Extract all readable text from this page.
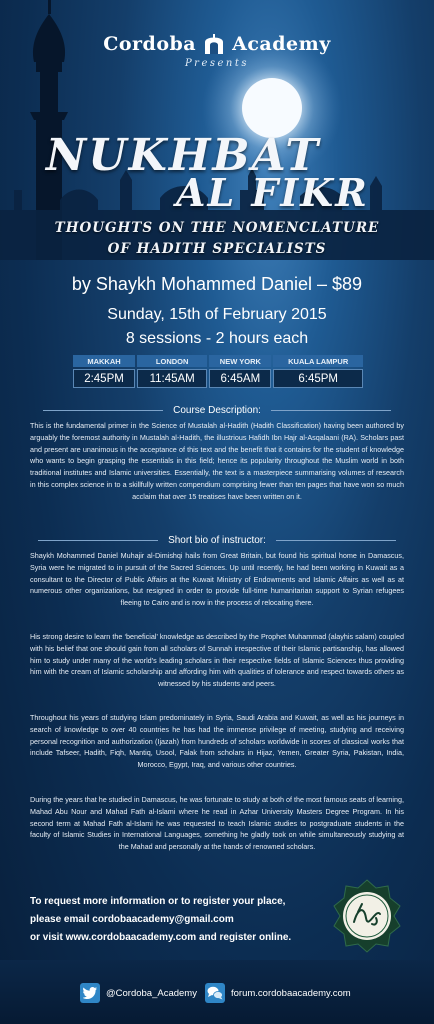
Cordoba Academy
Presents
NUKHBAT
AL FIKR
THOUGHTS ON THE NOMENCLATURE
OF HADITH SPECIALISTS
by Shaykh Mohammed Daniel – $89
Sunday, 15th of February 2015
8 sessions - 2 hours each
MAKKAH	LONDON	NEW YORK	KUALA LAMPUR
2:45PM	11:45AM	6:45AM	6:45PM
Course Description:

This is the fundamental primer in the Science of Mustalah al-Hadith (Hadith Classification) having been authored by arguably the foremost authority in Mustalah al-Hadith, the illustrious Hafidh Ibn Hajr al-Asqalaani (RA). Scholars past and present are unanimous in the acceptance of this text and the benefit that it contains for the student of knowledge who wants to begin grasping the essentials in this field; hence its popularity throughout the Muslim world in both traditional institutes and Islamic universities. Essentially, the text is a masterpiece summarising volumes of research in this complex science in to a skillfully written compendium comprising fewer than ten pages that have won so much acclaim that over 15 treatises have been written on it.

Short bio of instructor:

Shaykh Mohammed Daniel Muhajir al-Dimishqi hails from Great Britain, but found his spiritual home in Damascus, Syria were he migrated to in pursuit of the Sacred Sciences. Up until recently, he had been working in Kuwait as a consultant to the Director of Public Affairs at the Kuwait Ministry of Endowments and Islamic Affairs as well as at numerous other organizations, but resigned in order to provide full-time humanitarian support to Syrian refugees fleeing to Cairo and is now in the process of relocating there.

His strong desire to learn the ‘beneficial’ knowledge as described by the Prophet Muhammad (alayhis salam) coupled with his belief that one should gain from all scholars of Sunnah irrespective of their Islamic partisanship, has allowed him to study under many of the world’s leading scholars in their respective fields of Islamic Sciences thus providing him with the cream of Islamic scholarship and affording him with qualities of tolerance and respect towards others as witnessed by his students and peers.

Throughout his years of studying Islam predominately in Syria, Saudi Arabia and Kuwait, as well as his journeys in search of knowledge to over 40 countries he has had the immense privilege of meeting, studying and receiving personal recognition and authorization (Ijazah) from hundreds of scholars worldwide in scores of classical works that include Tafseer, Hadith, Fiqh, Mantiq, Usool, Falak from scholars in Hijaz, Yemen, Greater Syria, Pakistan, India, Morocco, Egypt, Iraq, and various other countries.

During the years that he studied in Damascus, he was fortunate to study at both of the most famous seats of learning, Mahad Abu Nour and Mahad Fath al-Islami where he read in Azhar University Masters Degree Program. In his second term at Mahad Fath al-Islami he was requested to teach Islamic studies to postgraduate students in the faculty of Islamic Studies in International Languages, something he gladly took on while simultaneously studying at the Mahad and personally at the hands of renowned scholars.

To request more information or to register your place,
please email cordobaacademy@gmail.com
or visit www.cordobaacademy.com and register online.
@Cordoba_Academy	forum.cordobaacademy.com
